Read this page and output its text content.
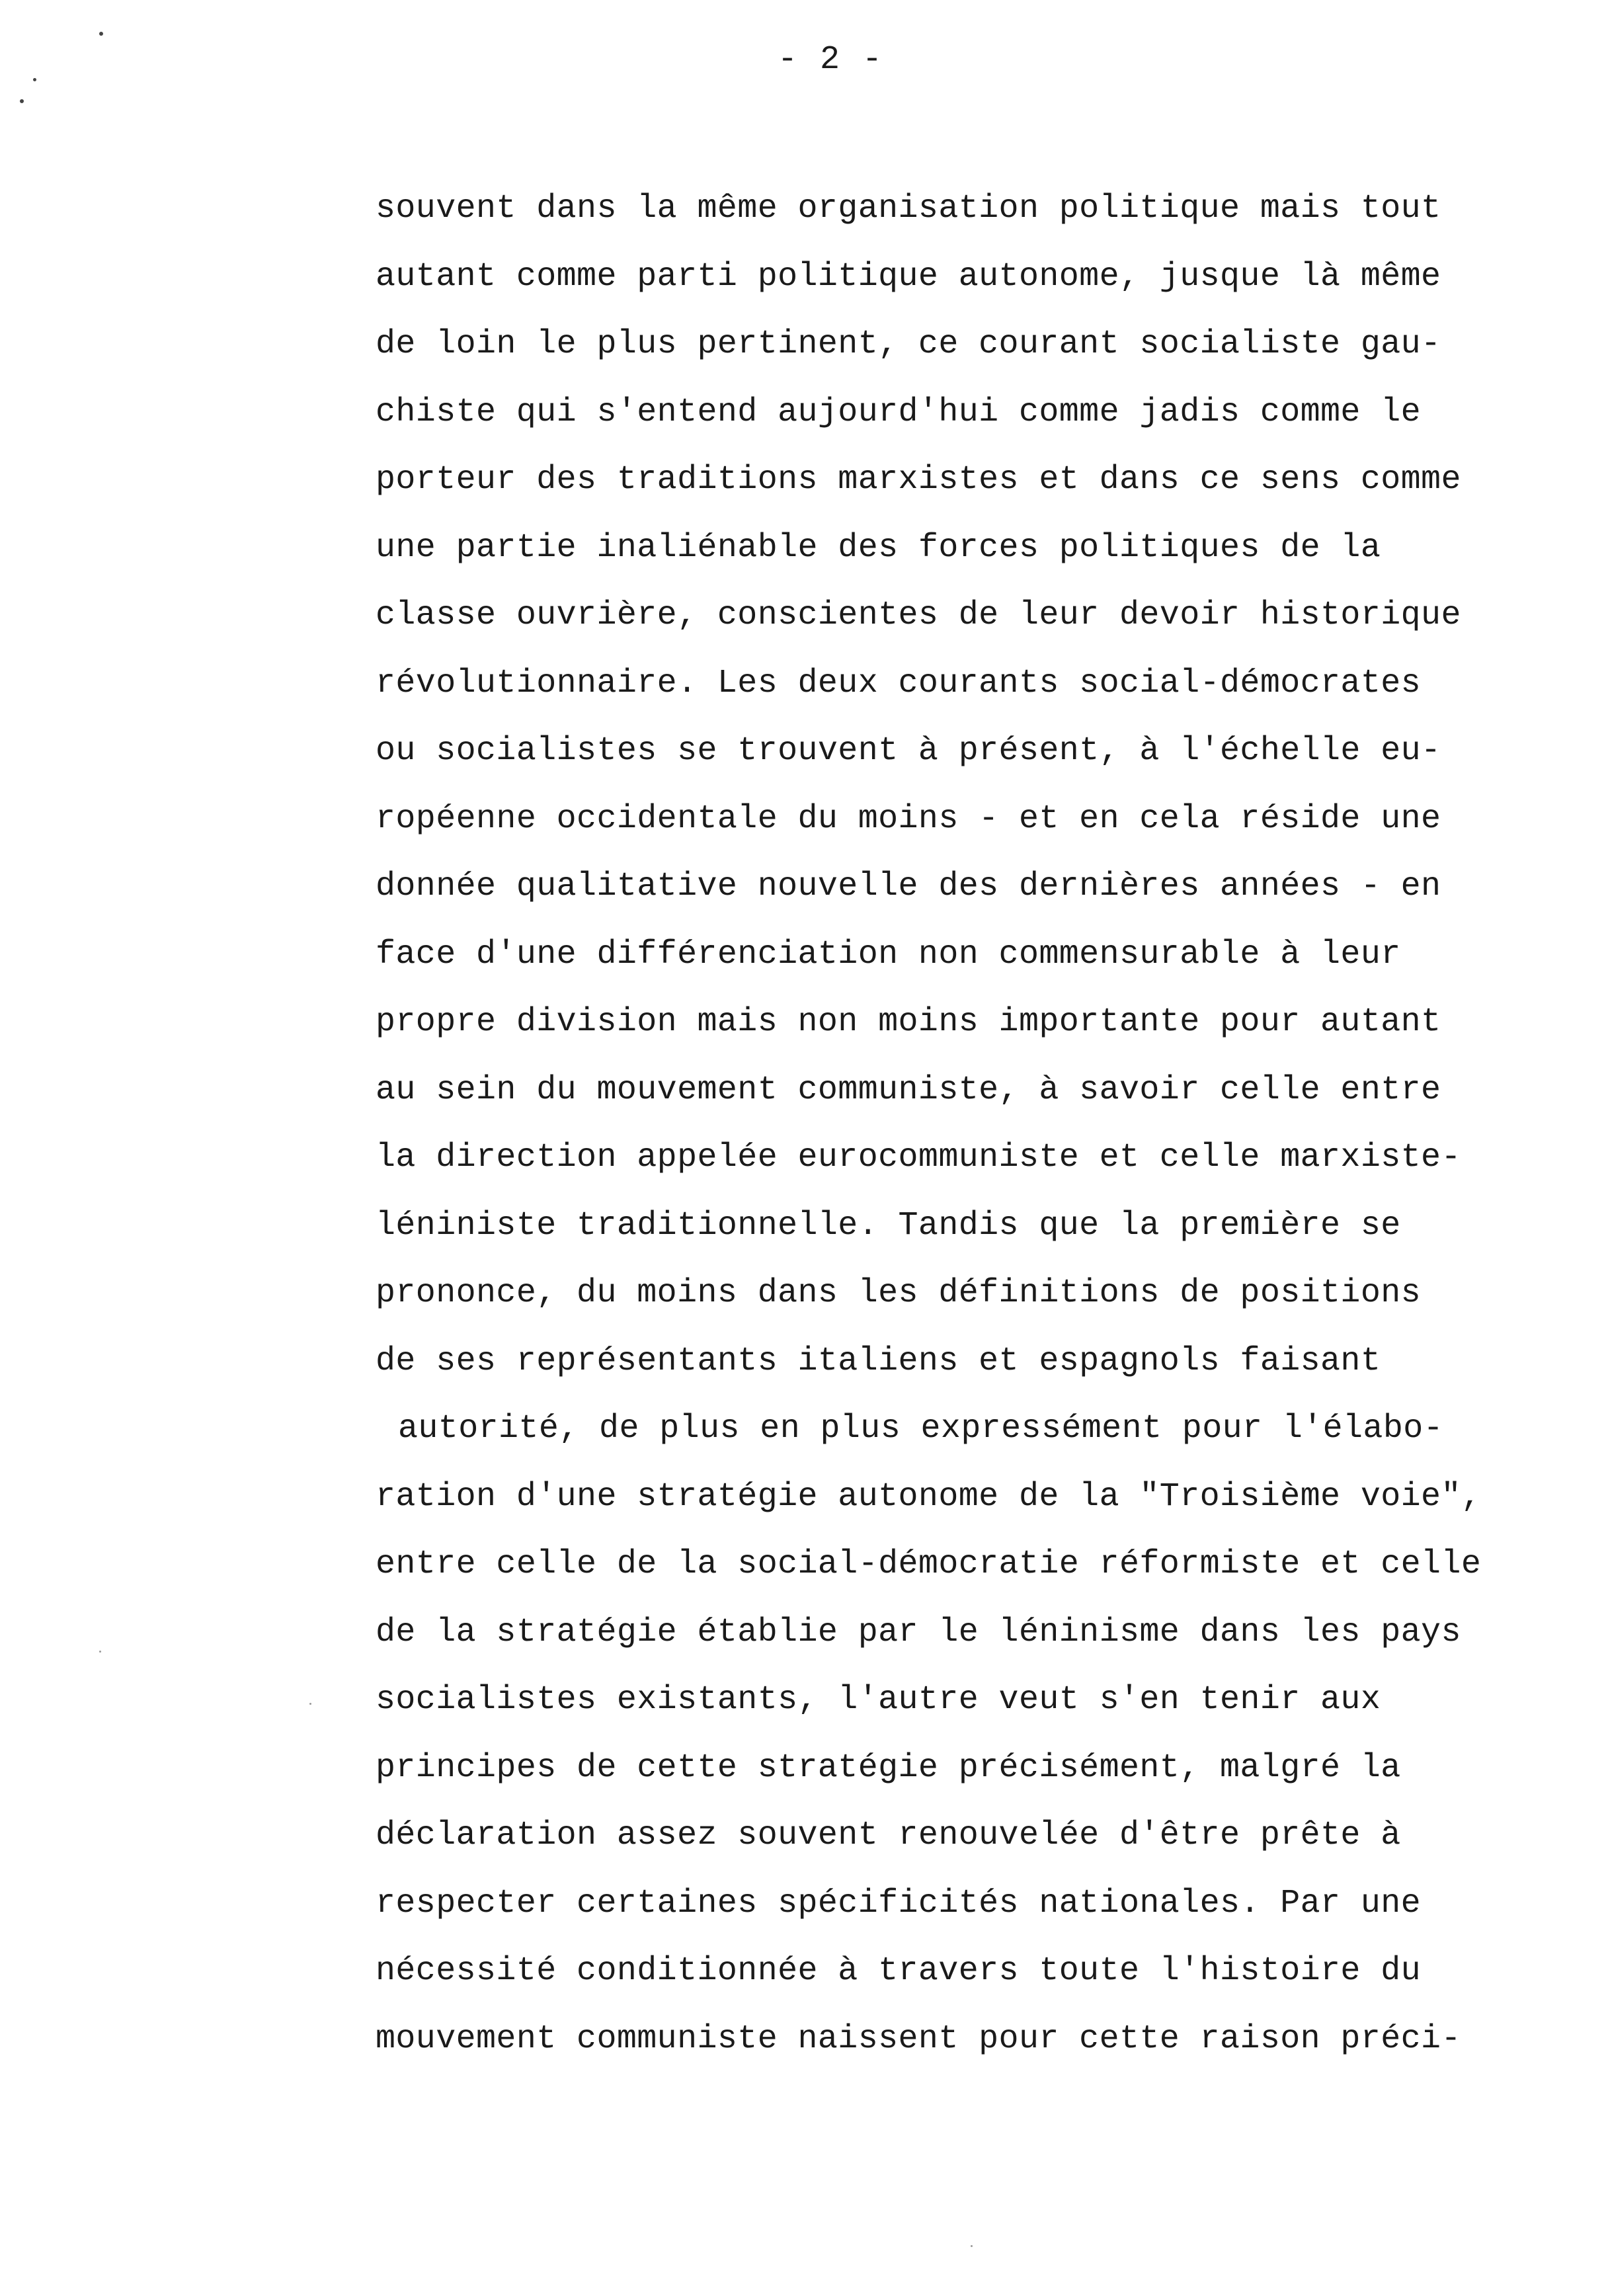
- 2 -
souvent dans la même organisation politique mais tout
autant comme parti politique autonome, jusque là même
de loin le plus pertinent, ce courant socialiste gau-
chiste qui s'entend aujourd'hui comme jadis comme le
porteur des traditions marxistes et dans ce sens comme
une partie inaliénable des forces politiques de la
classe ouvrière, conscientes de leur devoir historique
révolutionnaire. Les deux courants social-démocrates
ou socialistes se trouvent à présent, à l'échelle eu-
ropéenne occidentale du moins - et en cela réside une
donnée qualitative nouvelle des dernières années - en
face d'une différenciation non commensurable à leur
propre division mais non moins importante pour autant
au sein du mouvement communiste, à savoir celle entre
la direction appelée eurocommuniste et celle marxiste-
léniniste traditionnelle. Tandis que la première se
prononce, du moins dans les définitions de positions
de ses représentants italiens et espagnols faisant
autorité, de plus en plus expressément pour l'élabo-
ration d'une stratégie autonome de la "Troisième voie",
entre celle de la social-démocratie réformiste et celle
de la stratégie établie par le léninisme dans les pays
socialistes existants, l'autre veut s'en tenir aux
principes de cette stratégie précisément, malgré la
déclaration assez souvent renouvelée d'être prête à
respecter certaines spécificités nationales. Par une
nécessité conditionnée à travers toute l'histoire du
mouvement communiste naissent pour cette raison préci-
